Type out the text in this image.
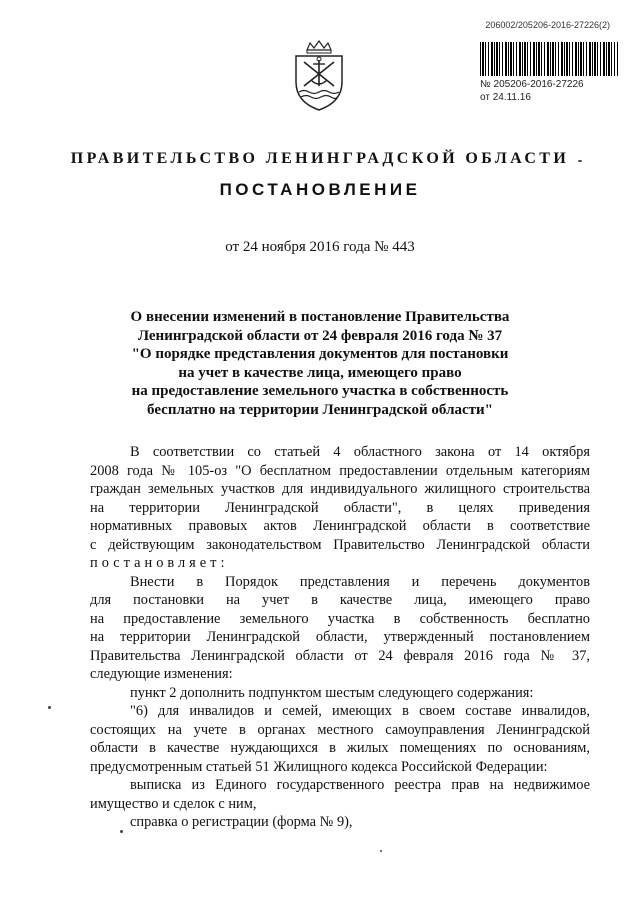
206002/205206-2016-27226(2)
№ 205206-2016-27226
от 24.11.16
ПРАВИТЕЛЬСТВО ЛЕНИНГРАДСКОЙ ОБЛАСТИ
ПОСТАНОВЛЕНИЕ
от 24 ноября 2016 года № 443
О внесении изменений в постановление Правительства
Ленинградской области от 24 февраля 2016 года № 37
"О порядке представления документов для постановки
на учет в качестве лица, имеющего право
на предоставление земельного участка в собственность
бесплатно на территории Ленинградской области"
В соответствии со статьей 4 областного закона от 14 октября
2008 года № 105-оз "О бесплатном предоставлении отдельным категориям
граждан земельных участков для индивидуального жилищного строительства
на территории Ленинградской области", в целях приведения
нормативных правовых актов Ленинградской области в соответствие
с действующим законодательством Правительство Ленинградской области
постановляет:
Внести в Порядок представления и перечень документов
для постановки на учет в качестве лица, имеющего право
на предоставление земельного участка в собственность бесплатно
на территории Ленинградской области, утвержденный постановлением
Правительства Ленинградской области от 24 февраля 2016 года № 37,
следующие изменения:
пункт 2 дополнить подпунктом шестым следующего содержания:
"6) для инвалидов и семей, имеющих в своем составе инвалидов,
состоящих на учете в органах местного самоуправления Ленинградской
области в качестве нуждающихся в жилых помещениях по основаниям,
предусмотренным статьей 51 Жилищного кодекса Российской Федерации:
выписка из Единого государственного реестра прав на недвижимое
имущество и сделок с ним,
справка о регистрации (форма № 9),
